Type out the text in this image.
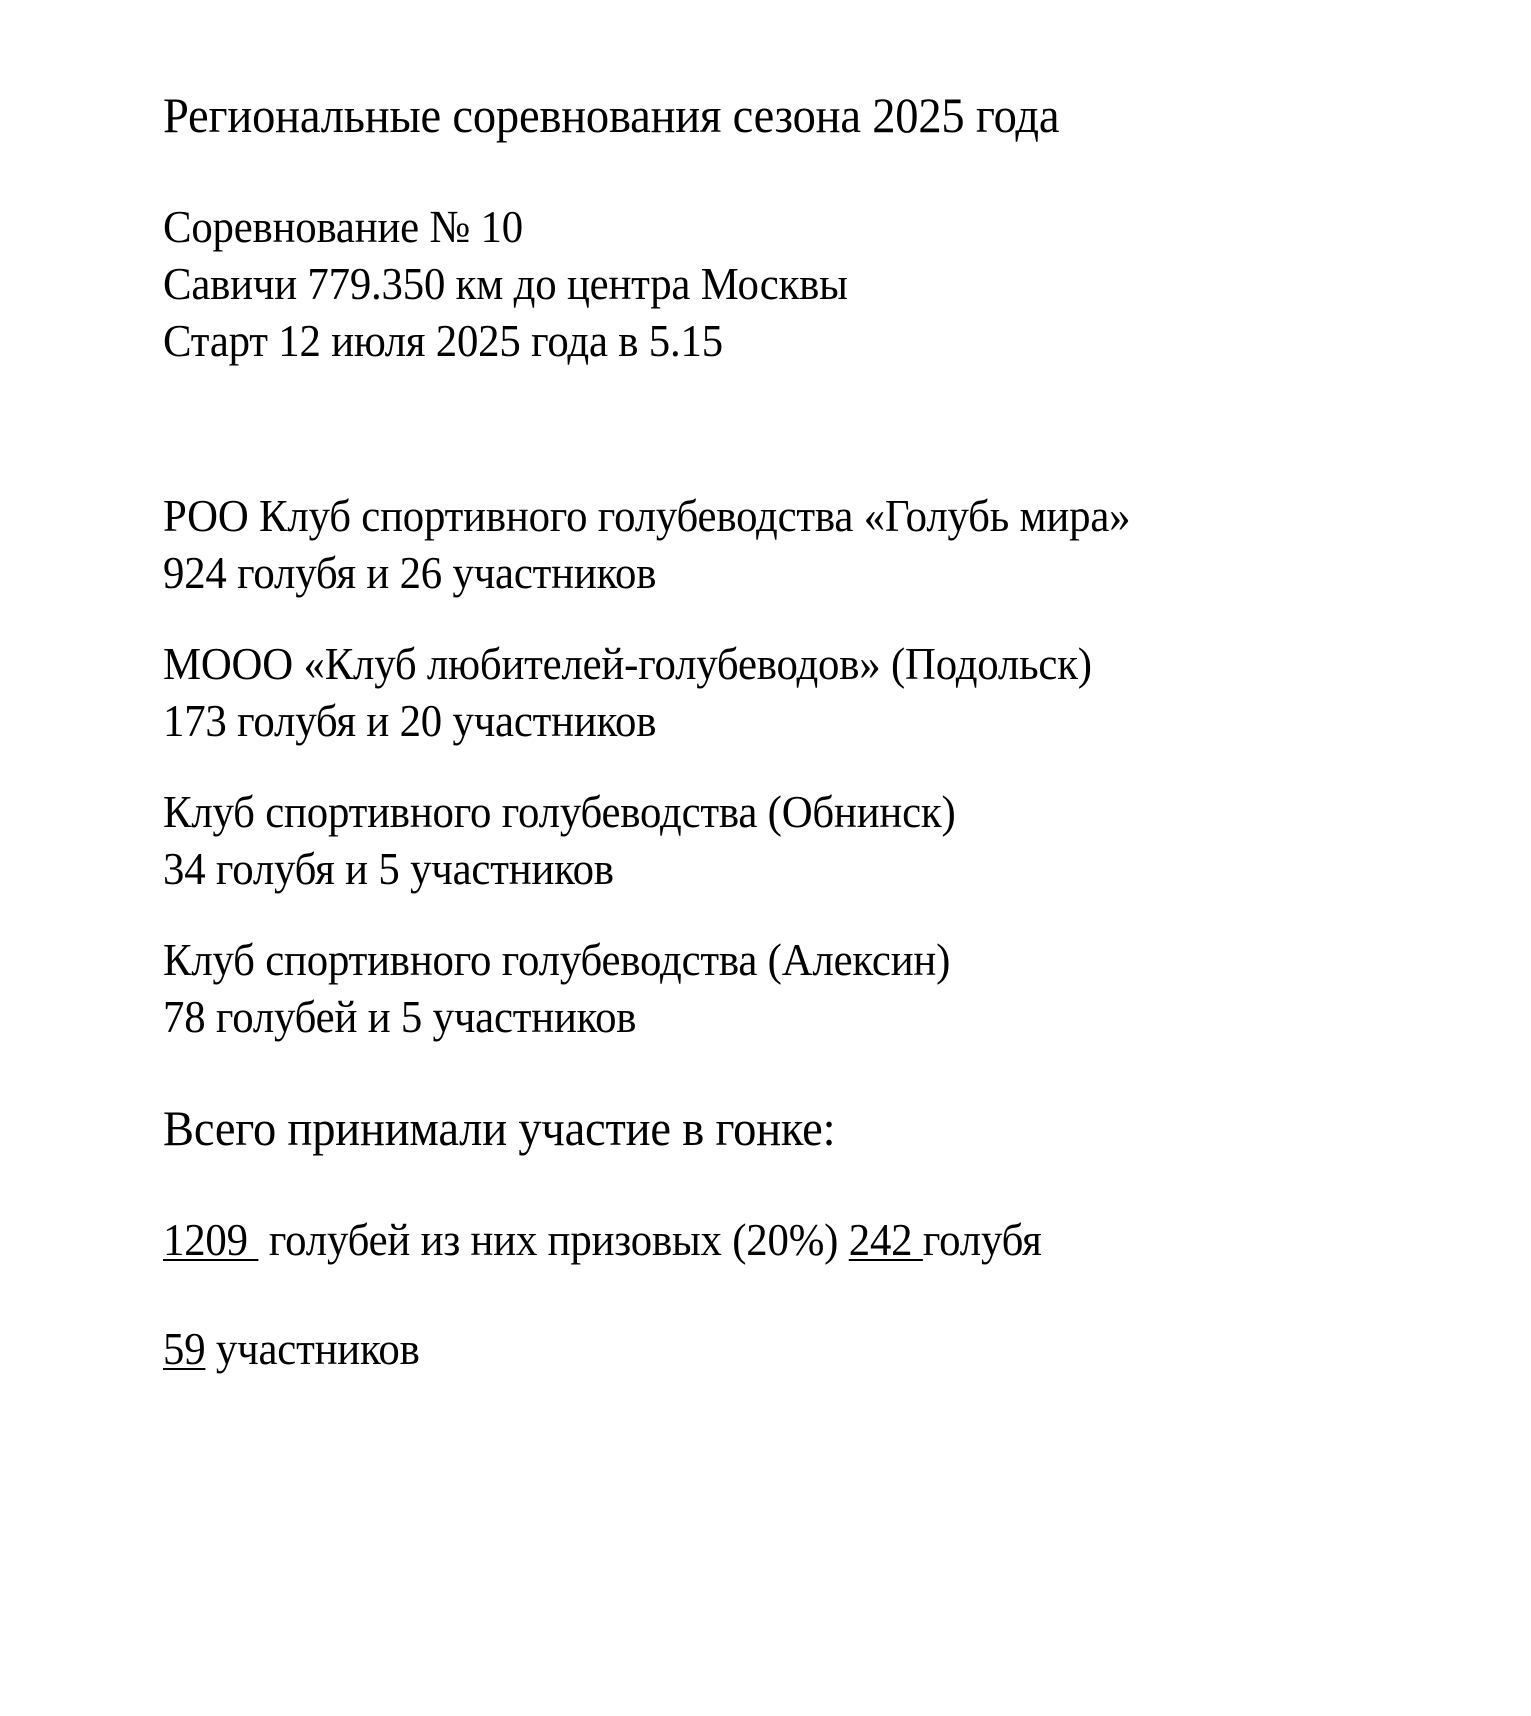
Региональные соревнования сезона 2025 года
Соревнование № 10
Савичи 779.350 км до центра Москвы
Старт 12 июля 2025 года в 5.15
РОО Клуб спортивного голубеводства «Голубь мира»
924 голубя и 26 участников
МООО «Клуб любителей-голубеводов» (Подольск)
173 голубя и 20 участников
Клуб спортивного голубеводства (Обнинск)
34 голубя и 5 участников
Клуб спортивного голубеводства (Алексин)
78 голубей и 5 участников
Всего принимали участие в гонке:
1209  голубей из них призовых (20%) 242 голубя
59 участников
